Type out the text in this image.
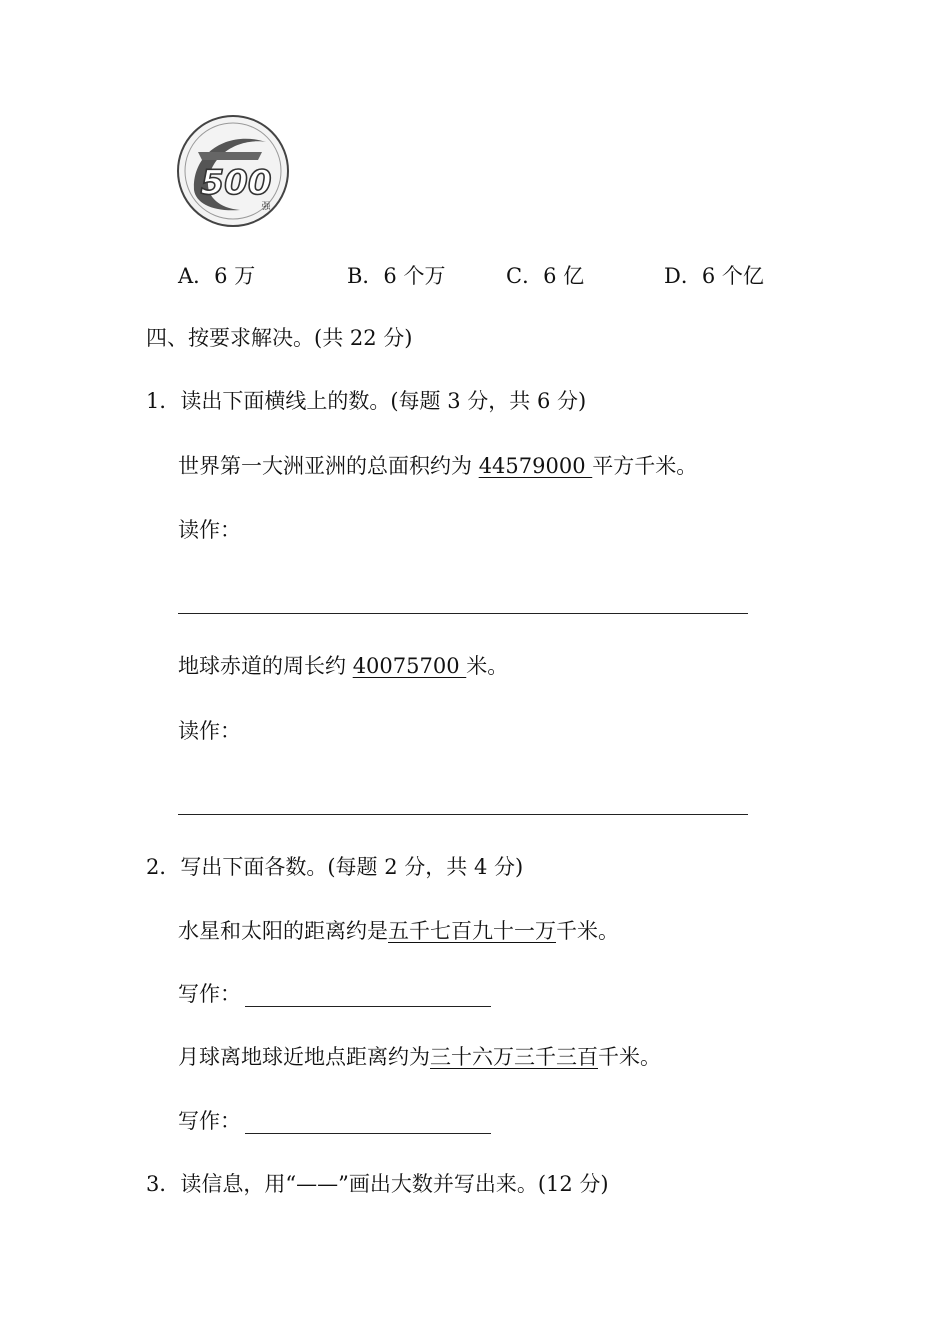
500
强
A．6 万	B．6 个万	C．6 亿	D．6 个亿
四、按要求解决。(共 22 分)
1．读出下面横线上的数。(每题 3 分，共 6 分)
世界第一大洲亚洲的总面积约为 44579000 平方千米。
读作：
地球赤道的周长约 40075700 米。
读作：
2．写出下面各数。(每题 2 分，共 4 分)
水星和太阳的距离约是五千七百九十一万千米。
写作：
月球离地球近地点距离约为三十六万三千三百千米。
写作：
3．读信息，用“——”画出大数并写出来。(12 分)
